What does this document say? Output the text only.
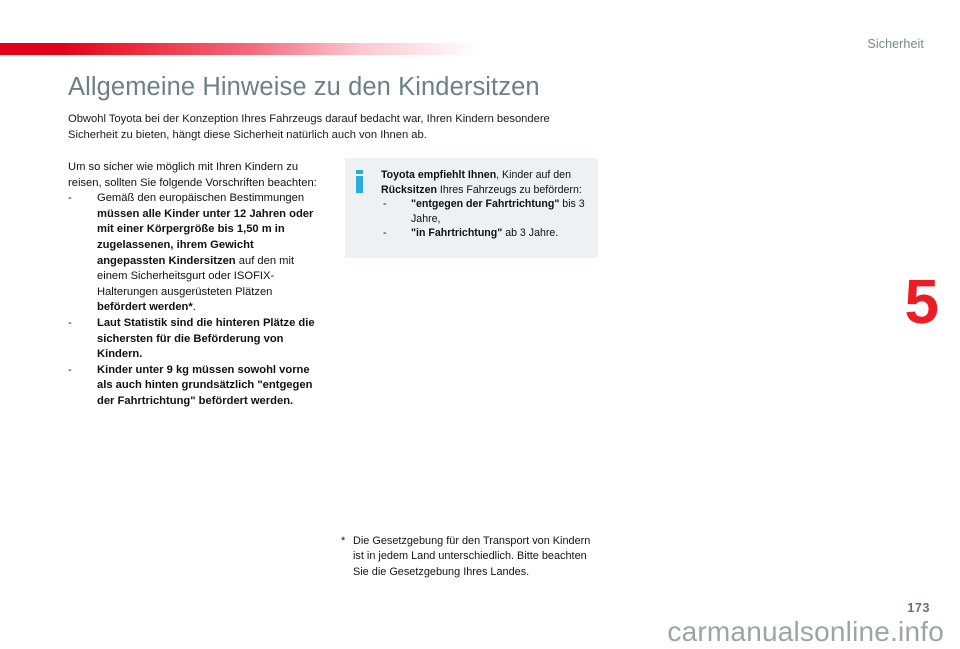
Sicherheit
Allgemeine Hinweise zu den Kindersitzen
Obwohl Toyota bei der Konzeption Ihres Fahrzeugs darauf bedacht war, Ihren Kindern besondere Sicherheit zu bieten, hängt diese Sicherheit natürlich auch von Ihnen ab.

Um so sicher wie möglich mit Ihren Kindern zu reisen, sollten Sie folgende Vorschriften beachten:

- Gemäß den europäischen Bestimmungen müssen alle Kinder unter 12 Jahren oder mit einer Körpergröße bis 1,50 m in zugelassenen, ihrem Gewicht angepassten Kindersitzen auf den mit einem Sicherheitsgurt oder ISOFIX-Halterungen ausgerüsteten Plätzen befördert werden*.
- Laut Statistik sind die hinteren Plätze die sichersten für die Beförderung von Kindern.
- Kinder unter 9 kg müssen sowohl vorne als auch hinten grundsätzlich "entgegen der Fahrtrichtung" befördert werden.

Toyota empfiehlt Ihnen, Kinder auf den Rücksitzen Ihres Fahrzeugs zu befördern:

- "entgegen der Fahrtrichtung" bis 3 Jahre,
- "in Fahrtrichtung" ab 3 Jahre.
* Die Gesetzgebung für den Transport von Kindern ist in jedem Land unterschiedlich. Bitte beachten Sie die Gesetzgebung Ihres Landes.
5
173
carmanualsonline.info
